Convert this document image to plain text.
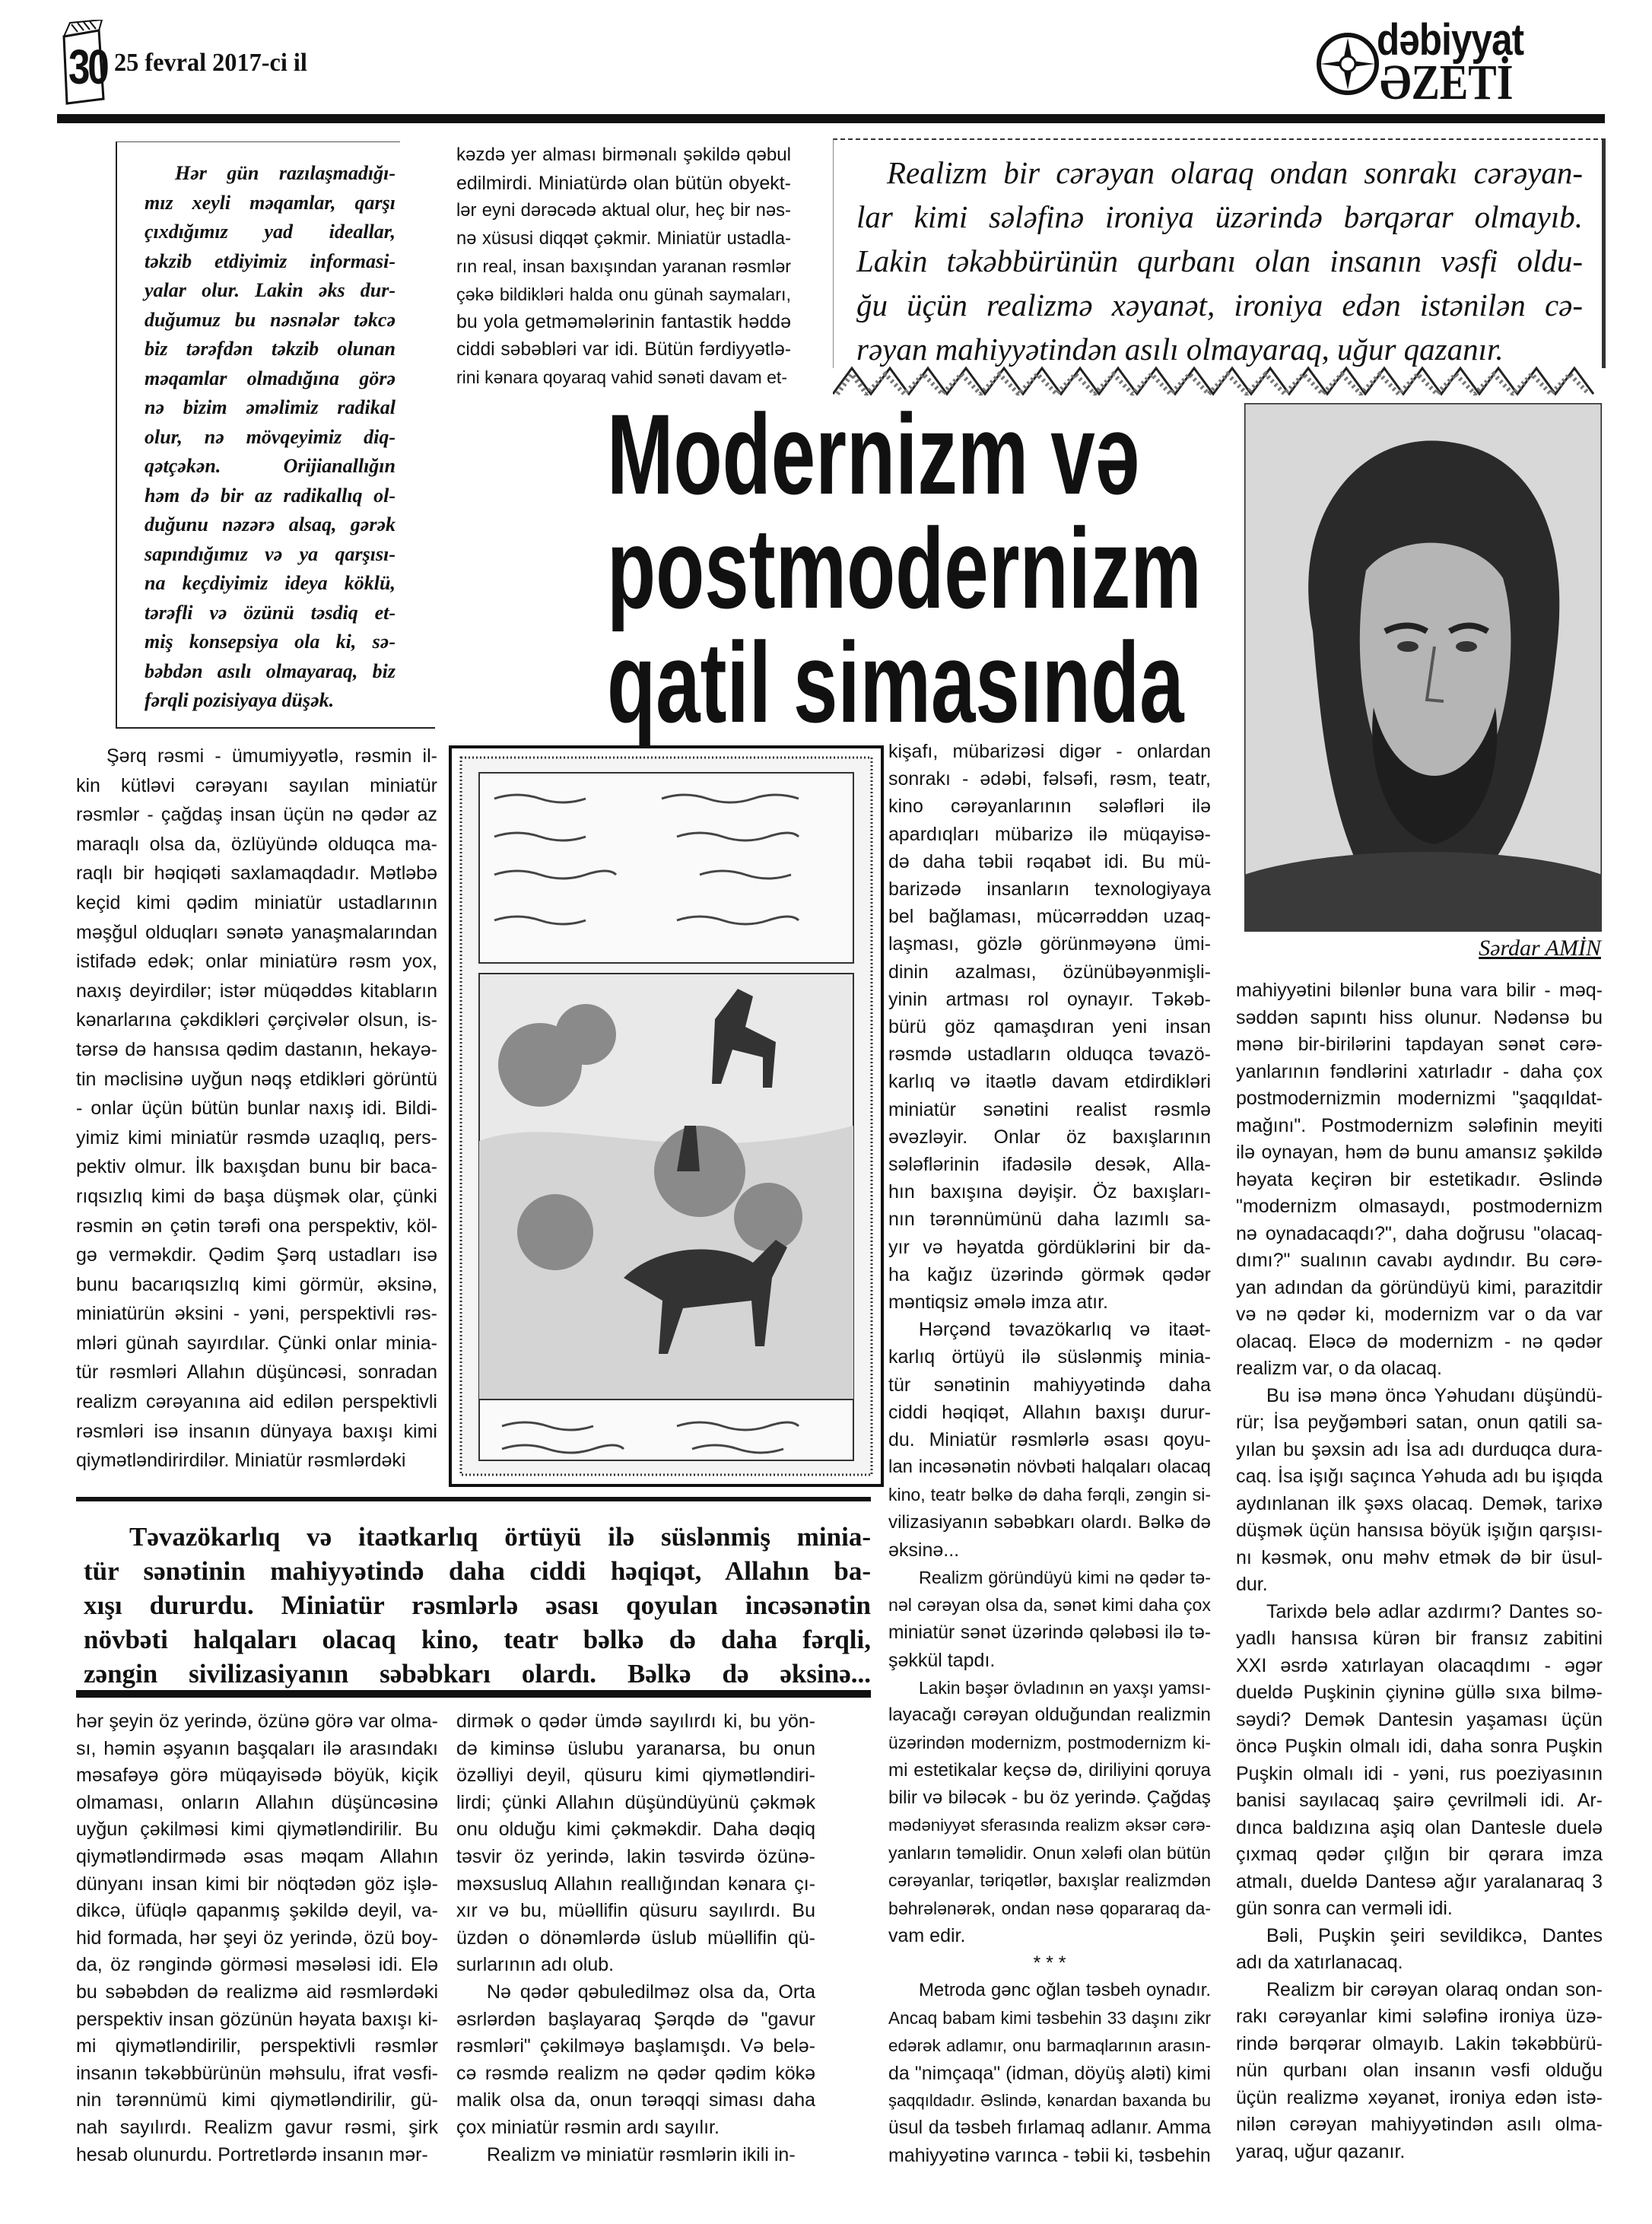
30 25 fevral 2017-ci il	dəbiyyat
ƏZETİ

Hər gün razılaşmadığı-
mız xeyli məqamlar, qarşı
çıxdığımız yad ideallar,
təkzib etdiyimiz informasi-
yalar olur. Lakin əks dur-
duğumuz bu nəsnələr təkcə
biz tərəfdən təkzib olunan
məqamlar olmadığına görə
nə bizim əməlimiz radikal
olur, nə mövqeyimiz diq-
qətçəkən. Orijianallığın
həm də bir az radikallıq ol-
duğunu nəzərə alsaq, gərək
sapındığımız və ya qarşısı-
na keçdiyimiz ideya köklü,
tərəfli və özünü təsdiq et-
miş konsepsiya ola ki, sə-
bəbdən asılı olmayaraq, biz
fərqli pozisiyaya düşək.

kəzdə yer alması birmənalı şəkildə qəbul
edilmirdi. Miniatürdə olan bütün obyekt-
lər eyni dərəcədə aktual olur, heç bir nəs-
nə xüsusi diqqət çəkmir. Miniatür ustadla-
rın real, insan baxışından yaranan rəsmlər
çəkə bildikləri halda onu günah saymaları,
bu yola getməmələrinin fantastik həddə
ciddi səbəbləri var idi. Bütün fərdiyyətlə-
rini kənara qoyaraq vahid sənəti davam et-

Realizm bir cərəyan olaraq ondan sonrakı cərəyan-
lar kimi sələfinə ironiya üzərində bərqərar olmayıb.
Lakin təkəbbürünün qurbanı olan insanın vəsfi oldu-
ğu üçün realizmə xəyanət, ironiya edən istənilən cə-
rəyan mahiyyətindən asılı olmayaraq, uğur qazanır.

Modernizm və
postmodernizm
qatil simasında
Sərdar AMİN

Şərq rəsmi - ümumiyyətlə, rəsmin il-
kin kütləvi cərəyanı sayılan miniatür
rəsmlər - çağdaş insan üçün nə qədər az
maraqlı olsa da, özlüyündə olduqca ma-
raqlı bir həqiqəti saxlamaqdadır. Mətləbə
keçid kimi qədim miniatür ustadlarının
məşğul olduqları sənətə yanaşmalarından
istifadə edək; onlar miniatürə rəsm yox,
naxış deyirdilər; istər müqəddəs kitabların
kənarlarına çəkdikləri çərçivələr olsun, is-
tərsə də hansısa qədim dastanın, hekayə-
tin məclisinə uyğun nəqş etdikləri görüntü
- onlar üçün bütün bunlar naxış idi. Bildi-
yimiz kimi miniatür rəsmdə uzaqlıq, pers-
pektiv olmur. İlk baxışdan bunu bir baca-
rıqsızlıq kimi də başa düşmək olar, çünki
rəsmin ən çətin tərəfi ona perspektiv, köl-
gə verməkdir. Qədim Şərq ustadları isə
bunu bacarıqsızlıq kimi görmür, əksinə,
miniatürün əksini - yəni, perspektivli rəs-
mləri günah sayırdılar. Çünki onlar minia-
tür rəsmləri Allahın düşüncəsi, sonradan
realizm cərəyanına aid edilən perspektivli
rəsmləri isə insanın dünyaya baxışı kimi
qiymətləndirirdilər. Miniatür rəsmlərdəki

kişafı, mübarizəsi digər - onlardan
sonrakı - ədəbi, fəlsəfi, rəsm, teatr,
kino cərəyanlarının sələfləri ilə
apardıqları mübarizə ilə müqayisə-
də daha təbii rəqabət idi. Bu mü-
barizədə insanların texnologiyaya
bel bağlaması, mücərrəddən uzaq-
laşması, gözlə görünməyənə ümi-
dinin azalması, özünübəyənmişli-
yinin artması rol oynayır. Təkəb-
bürü göz qamaşdıran yeni insan
rəsmdə ustadların olduqca təvazö-
karlıq və itaətlə davam etdirdikləri
miniatür sənətini realist rəsmlə
əvəzləyir. Onlar öz baxışlarının
sələflərinin ifadəsilə desək, Alla-
hın baxışına dəyişir. Öz baxışları-
nın tərənnümünü daha lazımlı sa-
yır və həyatda gördüklərini bir da-
ha kağız üzərində görmək qədər
məntiqsiz əmələ imza atır.

Hərçənd təvazökarlıq və itaət-
karlıq örtüyü ilə süslənmiş minia-
tür sənətinin mahiyyətində daha
ciddi həqiqət, Allahın baxışı durur-
du. Miniatür rəsmlərlə əsası qoyu-
lan incəsənətin növbəti halqaları olacaq
kino, teatr bəlkə də daha fərqli, zəngin si-
vilizasiyanın səbəbkarı olardı. Bəlkə də
əksinə...

Realizm göründüyü kimi nə qədər tə-
nəl cərəyan olsa da, sənət kimi daha çox
miniatür sənət üzərində qələbəsi ilə tə-
şəkkül tapdı.

Lakin bəşər övladının ən yaxşı yamsı-
layacağı cərəyan olduğundan realizmin
üzərindən modernizm, postmodernizm ki-
mi estetikalar keçsə də, diriliyini qoruya
bilir və biləcək - bu öz yerində. Çağdaş
mədəniyyət sferasında realizm əksər cərə-
yanların təməlidir. Onun xələfi olan bütün
cərəyanlar, təriqətlər, baxışlar realizmdən
bəhrələnərək, ondan nəsə qopararaq da-
vam edir.

* * *

Metroda gənc oğlan təsbeh oynadır.
Ancaq babam kimi təsbehin 33 daşını zikr
edərək adlamır, onu barmaqlarının arasın-
da "nimçaqa" (idman, döyüş aləti) kimi
şaqqıldadır. Əslində, kənardan baxanda bu
üsul da təsbeh fırlamaq adlanır. Amma
mahiyyətinə varınca - təbii ki, təsbehin

mahiyyətini bilənlər buna vara bilir - məq-
səddən sapıntı hiss olunur. Nədənsə bu
mənə bir-birilərini tapdayan sənət cərə-
yanlarının fəndlərini xatırladır - daha çox
postmodernizmin modernizmi "şaqqıldat-
mağını". Postmodernizm sələfinin meyiti
ilə oynayan, həm də bunu amansız şəkildə
həyata keçirən bir estetikadır. Əslində
"modernizm olmasaydı, postmodernizm
nə oynadacaqdı?", daha doğrusu "olacaq-
dımı?" sualının cavabı aydındır. Bu cərə-
yan adından da göründüyü kimi, parazitdir
və nə qədər ki, modernizm var o da var
olacaq. Eləcə də modernizm - nə qədər
realizm var, o da olacaq.

Bu isə mənə öncə Yəhudanı düşündü-
rür; İsa peyğəmbəri satan, onun qatili sa-
yılan bu şəxsin adı İsa adı durduqca dura-
caq. İsa işığı saçınca Yəhuda adı bu işıqda
aydınlanan ilk şəxs olacaq. Demək, tarixə
düşmək üçün hansısa böyük işığın qarşısı-
nı kəsmək, onu məhv etmək də bir üsul-
dur.

Tarixdə belə adlar azdırmı? Dantes so-
yadlı hansısa kürən bir fransız zabitini
XXI əsrdə xatırlayan olacaqdımı - əgər
dueldə Puşkinin çiyninə güllə sıxa bilmə-
səydi? Demək Dantesin yaşaması üçün
öncə Puşkin olmalı idi, daha sonra Puşkin
Puşkin olmalı idi - yəni, rus poeziyasının
banisi sayılacaq şairə çevrilməli idi. Ar-
dınca baldızına aşiq olan Dantesle duelə
çıxmaq qədər çılğın bir qərara imza
atmalı, dueldə Dantesə ağır yaralanaraq 3
gün sonra can verməli idi.

Bəli, Puşkin şeiri sevildikcə, Dantes
adı da xatırlanacaq.

Realizm bir cərəyan olaraq ondan son-
rakı cərəyanlar kimi sələfinə ironiya üzə-
rində bərqərar olmayıb. Lakin təkəbbürü-
nün qurbanı olan insanın vəsfi olduğu
üçün realizmə xəyanət, ironiya edən istə-
nilən cərəyan mahiyyətindən asılı olma-
yaraq, uğur qazanır.

Təvazökarlıq və itaətkarlıq örtüyü ilə süslənmiş minia-
tür sənətinin mahiyyətində daha ciddi həqiqət, Allahın ba-
xışı dururdu. Miniatür rəsmlərlə əsası qoyulan incəsənətin
növbəti halqaları olacaq kino, teatr bəlkə də daha fərqli,
zəngin sivilizasiyanın səbəbkarı olardı. Bəlkə də əksinə...

hər şeyin öz yerində, özünə görə var olma-
sı, həmin əşyanın başqaları ilə arasındakı
məsafəyə görə müqayisədə böyük, kiçik
olmaması, onların Allahın düşüncəsinə
uyğun çəkilməsi kimi qiymətləndirilir. Bu
qiymətləndirmədə əsas məqam Allahın
dünyanı insan kimi bir nöqtədən göz işlə-
dikcə, üfüqlə qapanmış şəkildə deyil, va-
hid formada, hər şeyi öz yerində, özü boy-
da, öz rəngində görməsi məsələsi idi. Elə
bu səbəbdən də realizmə aid rəsmlərdəki
perspektiv insan gözünün həyata baxışı ki-
mi qiymətləndirilir, perspektivli rəsmlər
insanın təkəbbürünün məhsulu, ifrat vəsfi-
nin tərənnümü kimi qiymətləndirilir, gü-
nah sayılırdı. Realizm gavur rəsmi, şirk
hesab olunurdu. Portretlərdə insanın mər-

dirmək o qədər ümdə sayılırdı ki, bu yön-
də kiminsə üslubu yaranarsa, bu onun
özəlliyi deyil, qüsuru kimi qiymətləndiri-
lirdi; çünki Allahın düşündüyünü çəkmək
onu olduğu kimi çəkməkdir. Daha dəqiq
təsvir öz yerində, lakin təsvirdə özünə-
məxsusluq Allahın reallığından kənara çı-
xır və bu, müəllifin qüsuru sayılırdı. Bu
üzdən o dönəmlərdə üslub müəllifin qü-
surlarının adı olub.

Nə qədər qəbuledilməz olsa da, Orta
əsrlərdən başlayaraq Şərqdə də "gavur
rəsmləri" çəkilməyə başlamışdı. Və belə-
cə rəsmdə realizm nə qədər qədim kökə
malik olsa da, onun tərəqqi siması daha
çox miniatür rəsmin ardı sayılır.

Realizm və miniatür rəsmlərin ikili in-
